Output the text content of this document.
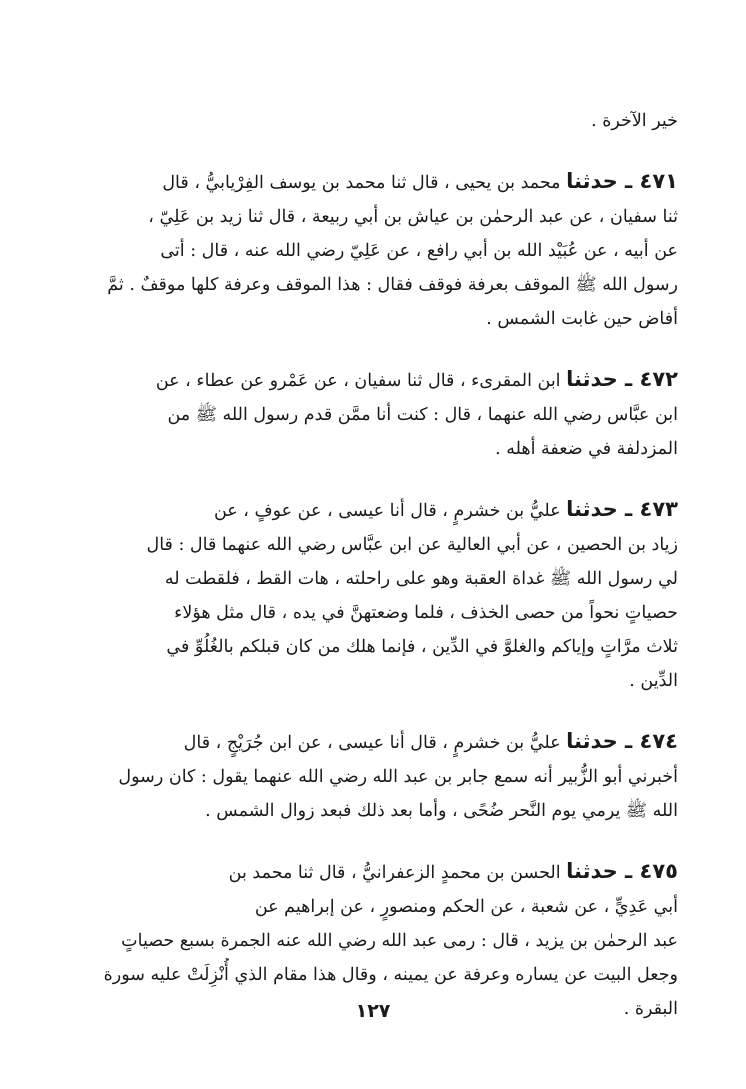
خير الآخرة .
٤٧١ ـ حدثنا محمد بن يحيى ، قال ثنا محمد بن يوسف الفِرْيابيُّ ، قال
ثنا سفيان ، عن عبد الرحمٰن بن عياش بن أبي ربيعة ، قال ثنا زيد بن عَلِيّ ،
عن أبيه ، عن عُبَيْد الله بن أبي رافع ، عن عَلِيّ رضي الله عنه ، قال : أتى
رسول الله ﷺ الموقف بعرفة فوقف فقال : هذا الموقف وعرفة كلها موقفٌ . ثمَّ
أفاض حين غابت الشمس .
٤٧٢ ـ حدثنا ابن المقرىء ، قال ثنا سفيان ، عن عَمْرو عن عطاء ، عن
ابن عبَّاس رضي الله عنهما ، قال : كنت أنا ممَّن قدم رسول الله ﷺ من
المزدلفة في ضعفة أهله .
٤٧٣ ـ حدثنا عليُّ بن خشرمٍ ، قال أنا عيسى ، عن عوفٍ ، عن
زياد بن الحصين ، عن أبي العالية عن ابن عبَّاس رضي الله عنهما قال : قال
لي رسول الله ﷺ غداة العقبة وهو على راحلته ، هات القط ، فلقطت له
حصياتٍ نحواً من حصى الخذف ، فلما وضعتهنَّ في يده ، قال مثل هؤلاء
ثلاث مرَّاتٍ وإياكم والغلوَّ في الدِّين ، فإنما هلك من كان قبلكم بالغُلُوِّ في
الدِّين .
٤٧٤ ـ حدثنا عليُّ بن خشرمٍ ، قال أنا عيسى ، عن ابن جُرَيْجٍ ، قال
أخبرني أبو الزُّبير أنه سمع جابر بن عبد الله رضي الله عنهما يقول : كان رسول
الله ﷺ يرمي يوم النَّحر ضُحًى ، وأما بعد ذلك فبعد زوال الشمس .
٤٧٥ ـ حدثنا الحسن بن محمدٍ الزعفرانيُّ ، قال ثنا محمد بن
أبي عَدِيٍّ ، عن شعبة ، عن الحكم ومنصورٍ ، عن إبراهيم عن
عبد الرحمٰن بن يزيد ، قال : رمى عبد الله رضي الله عنه الجمرة بسبع حصياتٍ
وجعل البيت عن يساره وعرفة عن يمينه ، وقال هذا مقام الذي أُنْزِلَتْ عليه سورة
البقرة .
١٢٧
